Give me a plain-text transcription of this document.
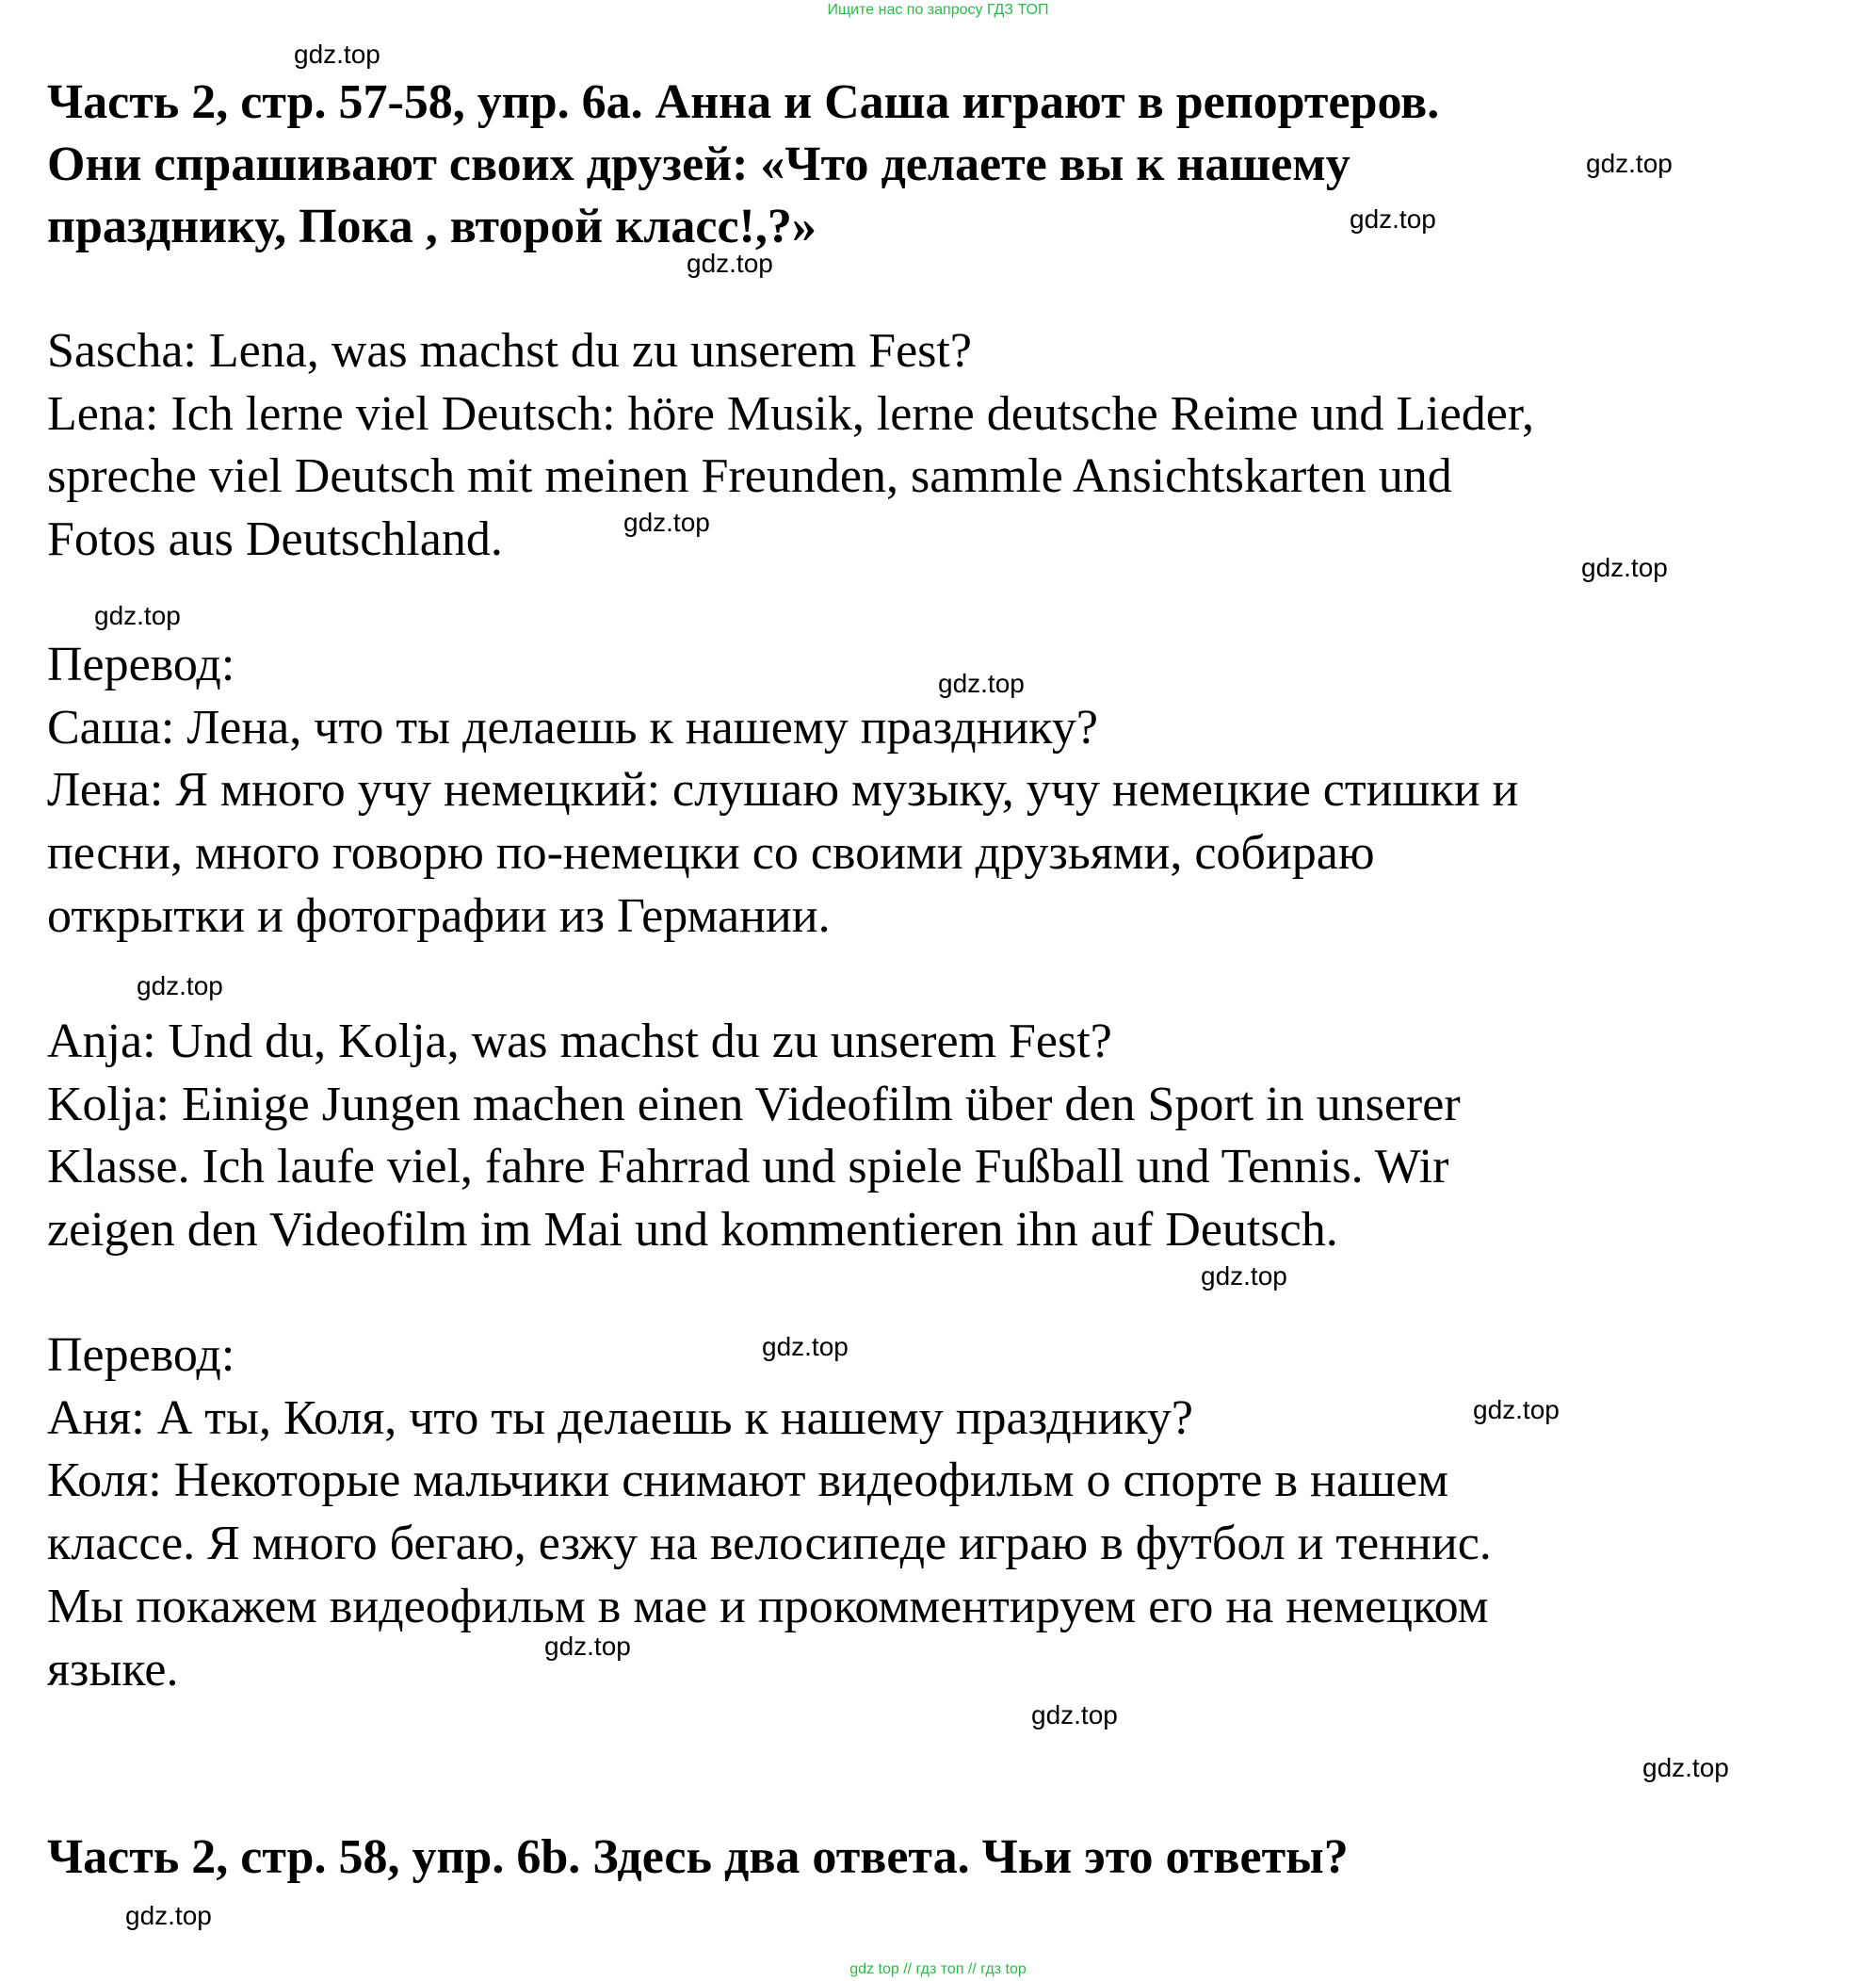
Ищите нас по запросу ГДЗ ТОП
Часть 2, стр. 57-58, упр. 6а. Анна и Саша играют в репортеров.
Они спрашивают своих друзей: «Что делаете вы к нашему
празднику, Пока , второй класс!,?»
Sascha: Lena, was machst du zu unserem Fest?
Lena: Ich lerne viel Deutsch: höre Musik, lerne deutsche Reime und Lieder,
spreche viel Deutsch mit meinen Freunden, sammle Ansichtskarten und
Fotos aus Deutschland.
Перевод:
Саша: Лена, что ты делаешь к нашему празднику?
Лена: Я много учу немецкий: слушаю музыку, учу немецкие стишки и
песни, много говорю по-немецки со своими друзьями, собираю
открытки и фотографии из Германии.
Anja: Und du, Kolja, was machst du zu unserem Fest?
Kolja: Einige Jungen machen einen Videofilm über den Sport in unserer
Klasse. Ich laufe viel, fahre Fahrrad und spiele Fußball und Tennis. Wir
zeigen den Videofilm im Mai und kommentieren ihn auf Deutsch.
Перевод:
Аня: А ты, Коля, что ты делаешь к нашему празднику?
Коля: Некоторые мальчики снимают видеофильм о спорте в нашем
классе. Я много бегаю, езжу на велосипеде играю в футбол и теннис.
Мы покажем видеофильм в мае и прокомментируем его на немецком
языке.
Часть 2, стр. 58, упр. 6b. Здесь два ответа. Чьи это ответы?
gdz.top
gdz.top
gdz.top
gdz.top
gdz.top
gdz.top
gdz.top
gdz.top
gdz.top
gdz.top
gdz.top
gdz.top
gdz.top
gdz.top
gdz.top
gdz.top
gdz top // гдз топ // гдз top
